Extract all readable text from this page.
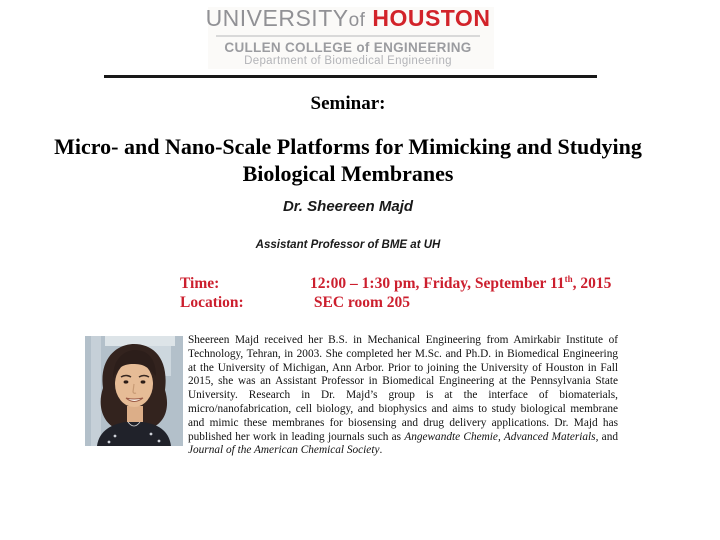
UNIVERSITYof HOUSTON
CULLEN COLLEGE of ENGINEERING
Department of Biomedical Engineering
Seminar:
Micro- and Nano-Scale Platforms for Mimicking and Studying
Biological Membranes
Dr. Sheereen Majd
Assistant Professor of BME at UH
Time:	12:00 – 1:30 pm, Friday, September 11th, 2015
Location:	SEC room 205
Sheereen Majd received her B.S. in Mechanical Engineering from Amirkabir Institute of Technology, Tehran, in 2003. She completed her M.Sc. and Ph.D. in Biomedical Engineering at the University of Michigan, Ann Arbor. Prior to joining the University of Houston in Fall 2015, she was an Assistant Professor in Biomedical Engineering at the Pennsylvania State University. Research in Dr. Majd’s group is at the interface of biomaterials, micro/nanofabrication, cell biology, and biophysics and aims to study biological membrane and mimic these membranes for biosensing and drug delivery applications. Dr. Majd has published her work in leading journals such as Angewandte Chemie, Advanced Materials, and Journal of the American Chemical Society.
